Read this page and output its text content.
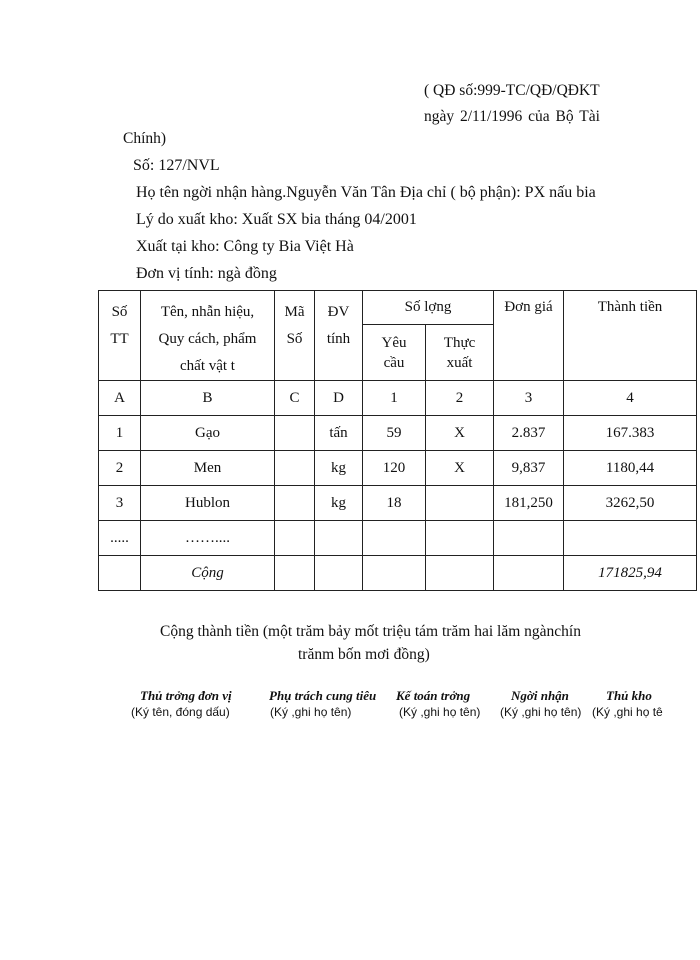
( QĐ số:999-TC/QĐ/QĐKT
ngày 2/11/1996 của Bộ Tài
Chính)
Số: 127/NVL
Họ tên ngời nhận hàng.Nguyễn Văn Tân Địa chỉ ( bộ phận): PX nấu bia
Lý do xuất kho: Xuất SX bia tháng 04/2001
Xuất tại kho: Công ty Bia Việt Hà
Đơn vị tính: ngà đồng
Số TT	Tên, nhẫn hiệu, Quy cách, phẩm chất vật t	Mã Số	ĐV tính	Số lợng		Đơn giá	Thành tiền
				Yêu cầu	Thực xuất		
A	B	C	D	1	2	3	4
1	Gạo		tấn	59	X	2.837	167.383
2	Men		kg	120	X	9,837	1180,44
3	Hublon		kg	18		181,250	3262,50
.....	……....						
	Cộng						171825,94
Cộng thành tiền (một trăm bảy mốt triệu tám trăm hai lăm ngànchín
trănm bốn mơi đồng)
Thủ trởng đơn vị
(Ký tên, đóng dấu)
Phụ trách cung tiêu
(Ký ,ghi họ tên)
Kế toán trởng
(Ký ,ghi họ tên)
Ngời nhận
(Ký ,ghi họ tên)
Thủ kho
(Ký ,ghi họ tê
